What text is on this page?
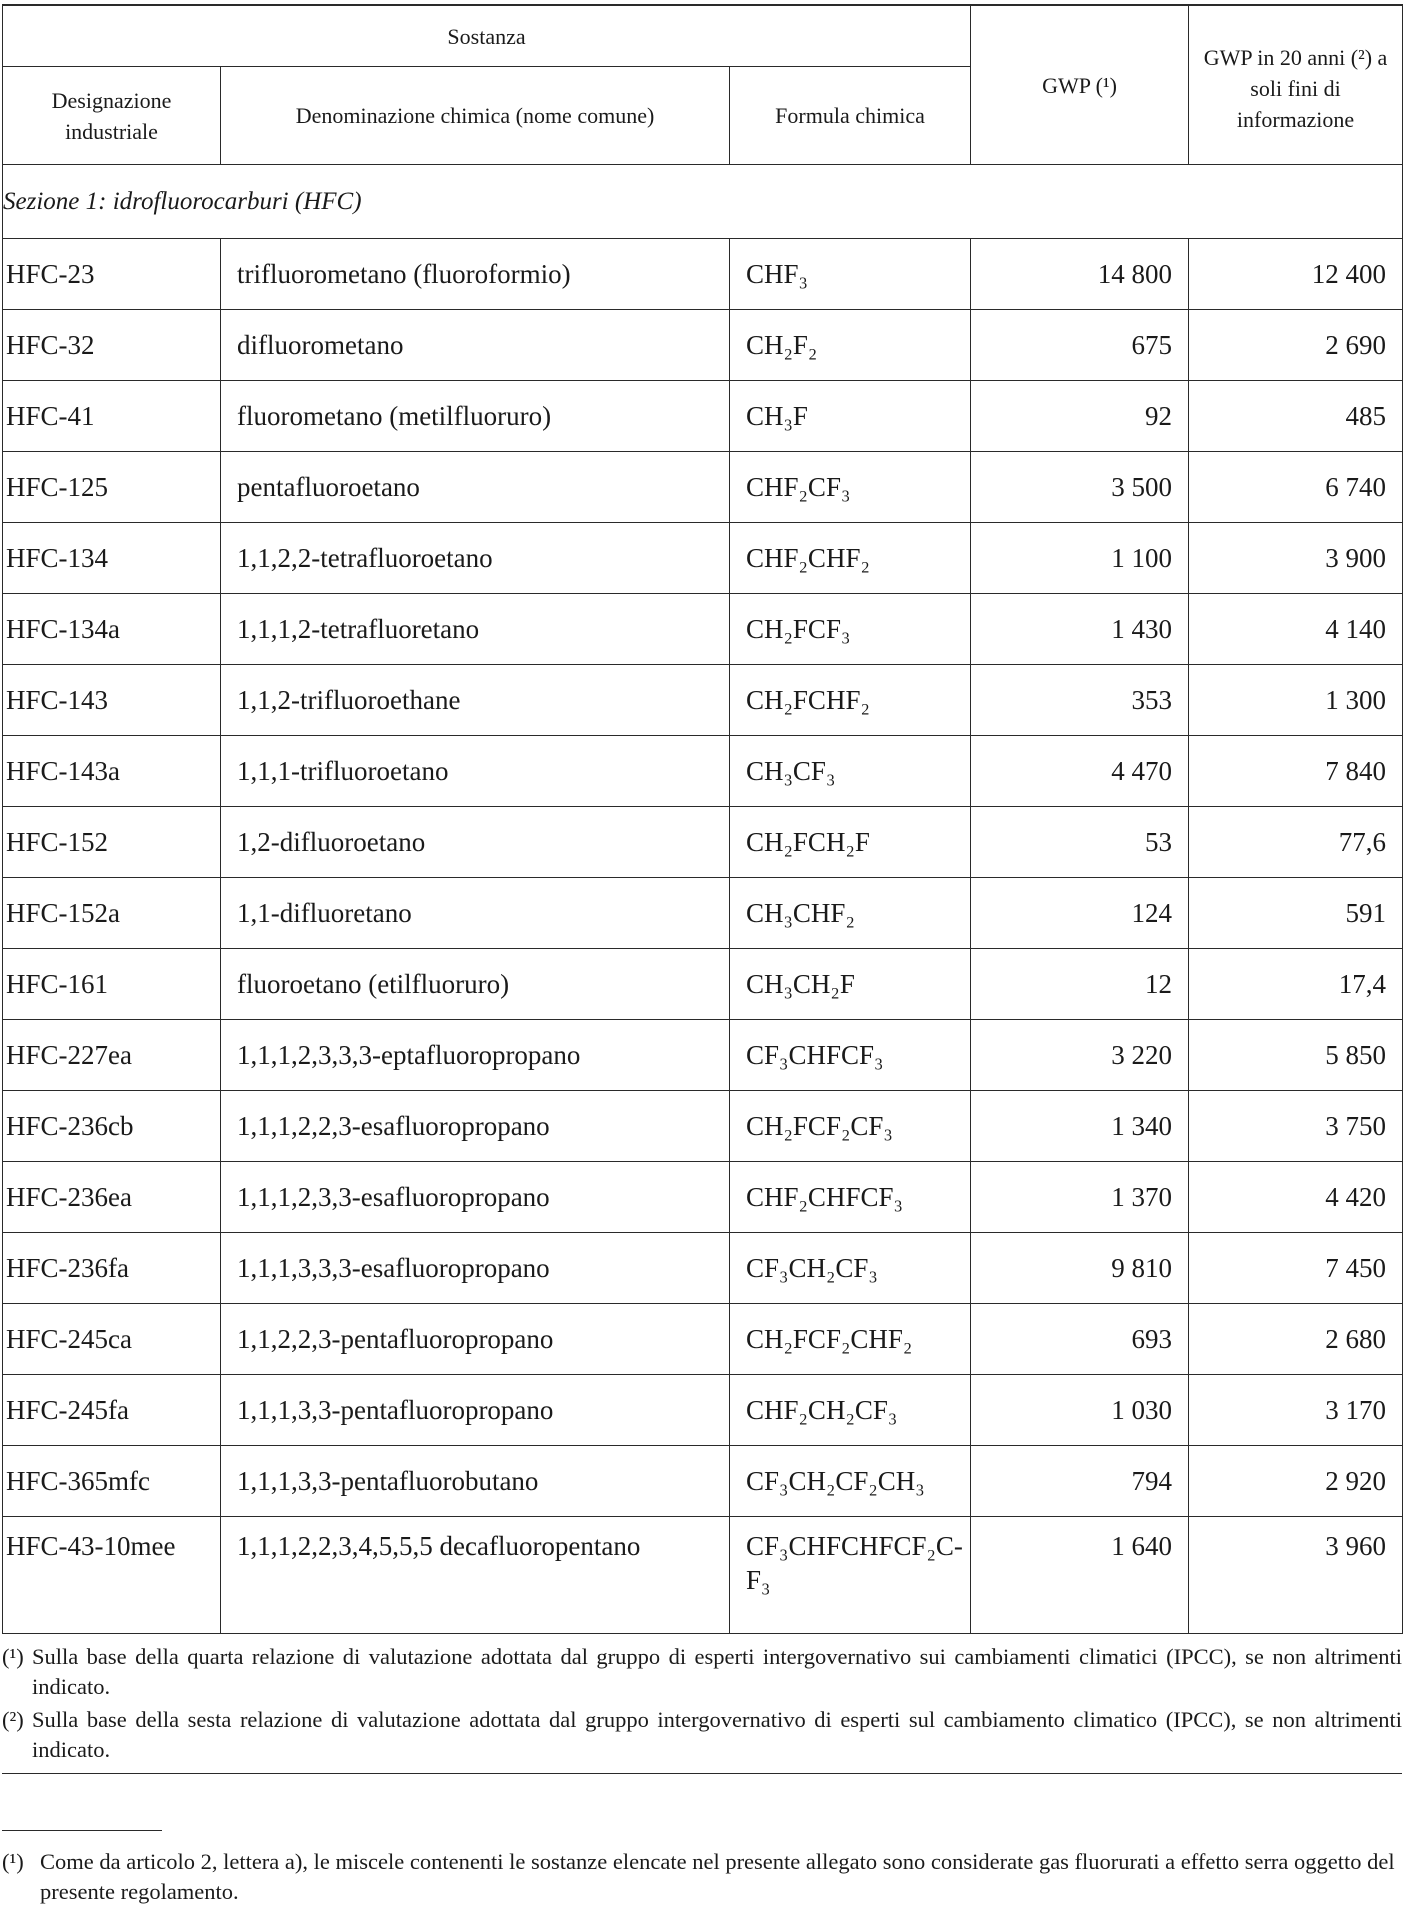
Sostanza			GWP (¹)	GWP in 20 anni (²) a soli fini di informazione
Designazione industriale	Denominazione chimica (nome comune)	Formula chimica		
Sezione 1: idrofluorocarburi (HFC)				
HFC-23	trifluorometano (fluoroformio)	CHF₃	14 800	12 400
HFC-32	difluorometano	CH₂F₂	675	2 690
HFC-41	fluorometano (metilfluoruro)	CH₃F	92	485
HFC-125	pentafluoroetano	CHF₂CF₃	3 500	6 740
HFC-134	1,1,2,2-tetrafluoroetano	CHF₂CHF₂	1 100	3 900
HFC-134a	1,1,1,2-tetrafluoretano	CH₂FCF₃	1 430	4 140
HFC-143	1,1,2-trifluoroethane	CH₂FCHF₂	353	1 300
HFC-143a	1,1,1-trifluoroetano	CH₃CF₃	4 470	7 840
HFC-152	1,2-difluoroetano	CH₂FCH₂F	53	77,6
HFC-152a	1,1-difluoretano	CH₃CHF₂	124	591
HFC-161	fluoroetano (etilfluoruro)	CH₃CH₂F	12	17,4
HFC-227ea	1,1,1,2,3,3,3-eptafluoropropano	CF₃CHFCF₃	3 220	5 850
HFC-236cb	1,1,1,2,2,3-esafluoropropano	CH₂FCF₂CF₃	1 340	3 750
HFC-236ea	1,1,1,2,3,3-esafluoropropano	CHF₂CHFCF₃	1 370	4 420
HFC-236fa	1,1,1,3,3,3-esafluoropropano	CF₃CH₂CF₃	9 810	7 450
HFC-245ca	1,1,2,2,3-pentafluoropropano	CH₂FCF₂CHF₂	693	2 680
HFC-245fa	1,1,1,3,3-pentafluoropropano	CHF₂CH₂CF₃	1 030	3 170
HFC-365mfc	1,1,1,3,3-pentafluorobutano	CF₃CH₂CF₂CH₃	794	2 920
HFC-43-10mee	1,1,1,2,2,3,4,5,5,5 decafluoropentano	CF₃CHFCHFCF₂C- F₃	1 640	3 960
(¹) Sulla base della quarta relazione di valutazione adottata dal gruppo di esperti intergovernativo sui cambiamenti climatici (IPCC), se non altrimenti indicato.
(²) Sulla base della sesta relazione di valutazione adottata dal gruppo intergovernativo di esperti sul cambiamento climatico (IPCC), se non altrimenti indicato.
(¹) Come da articolo 2, lettera a), le miscele contenenti le sostanze elencate nel presente allegato sono considerate gas fluorurati a effetto serra oggetto del presente regolamento.
